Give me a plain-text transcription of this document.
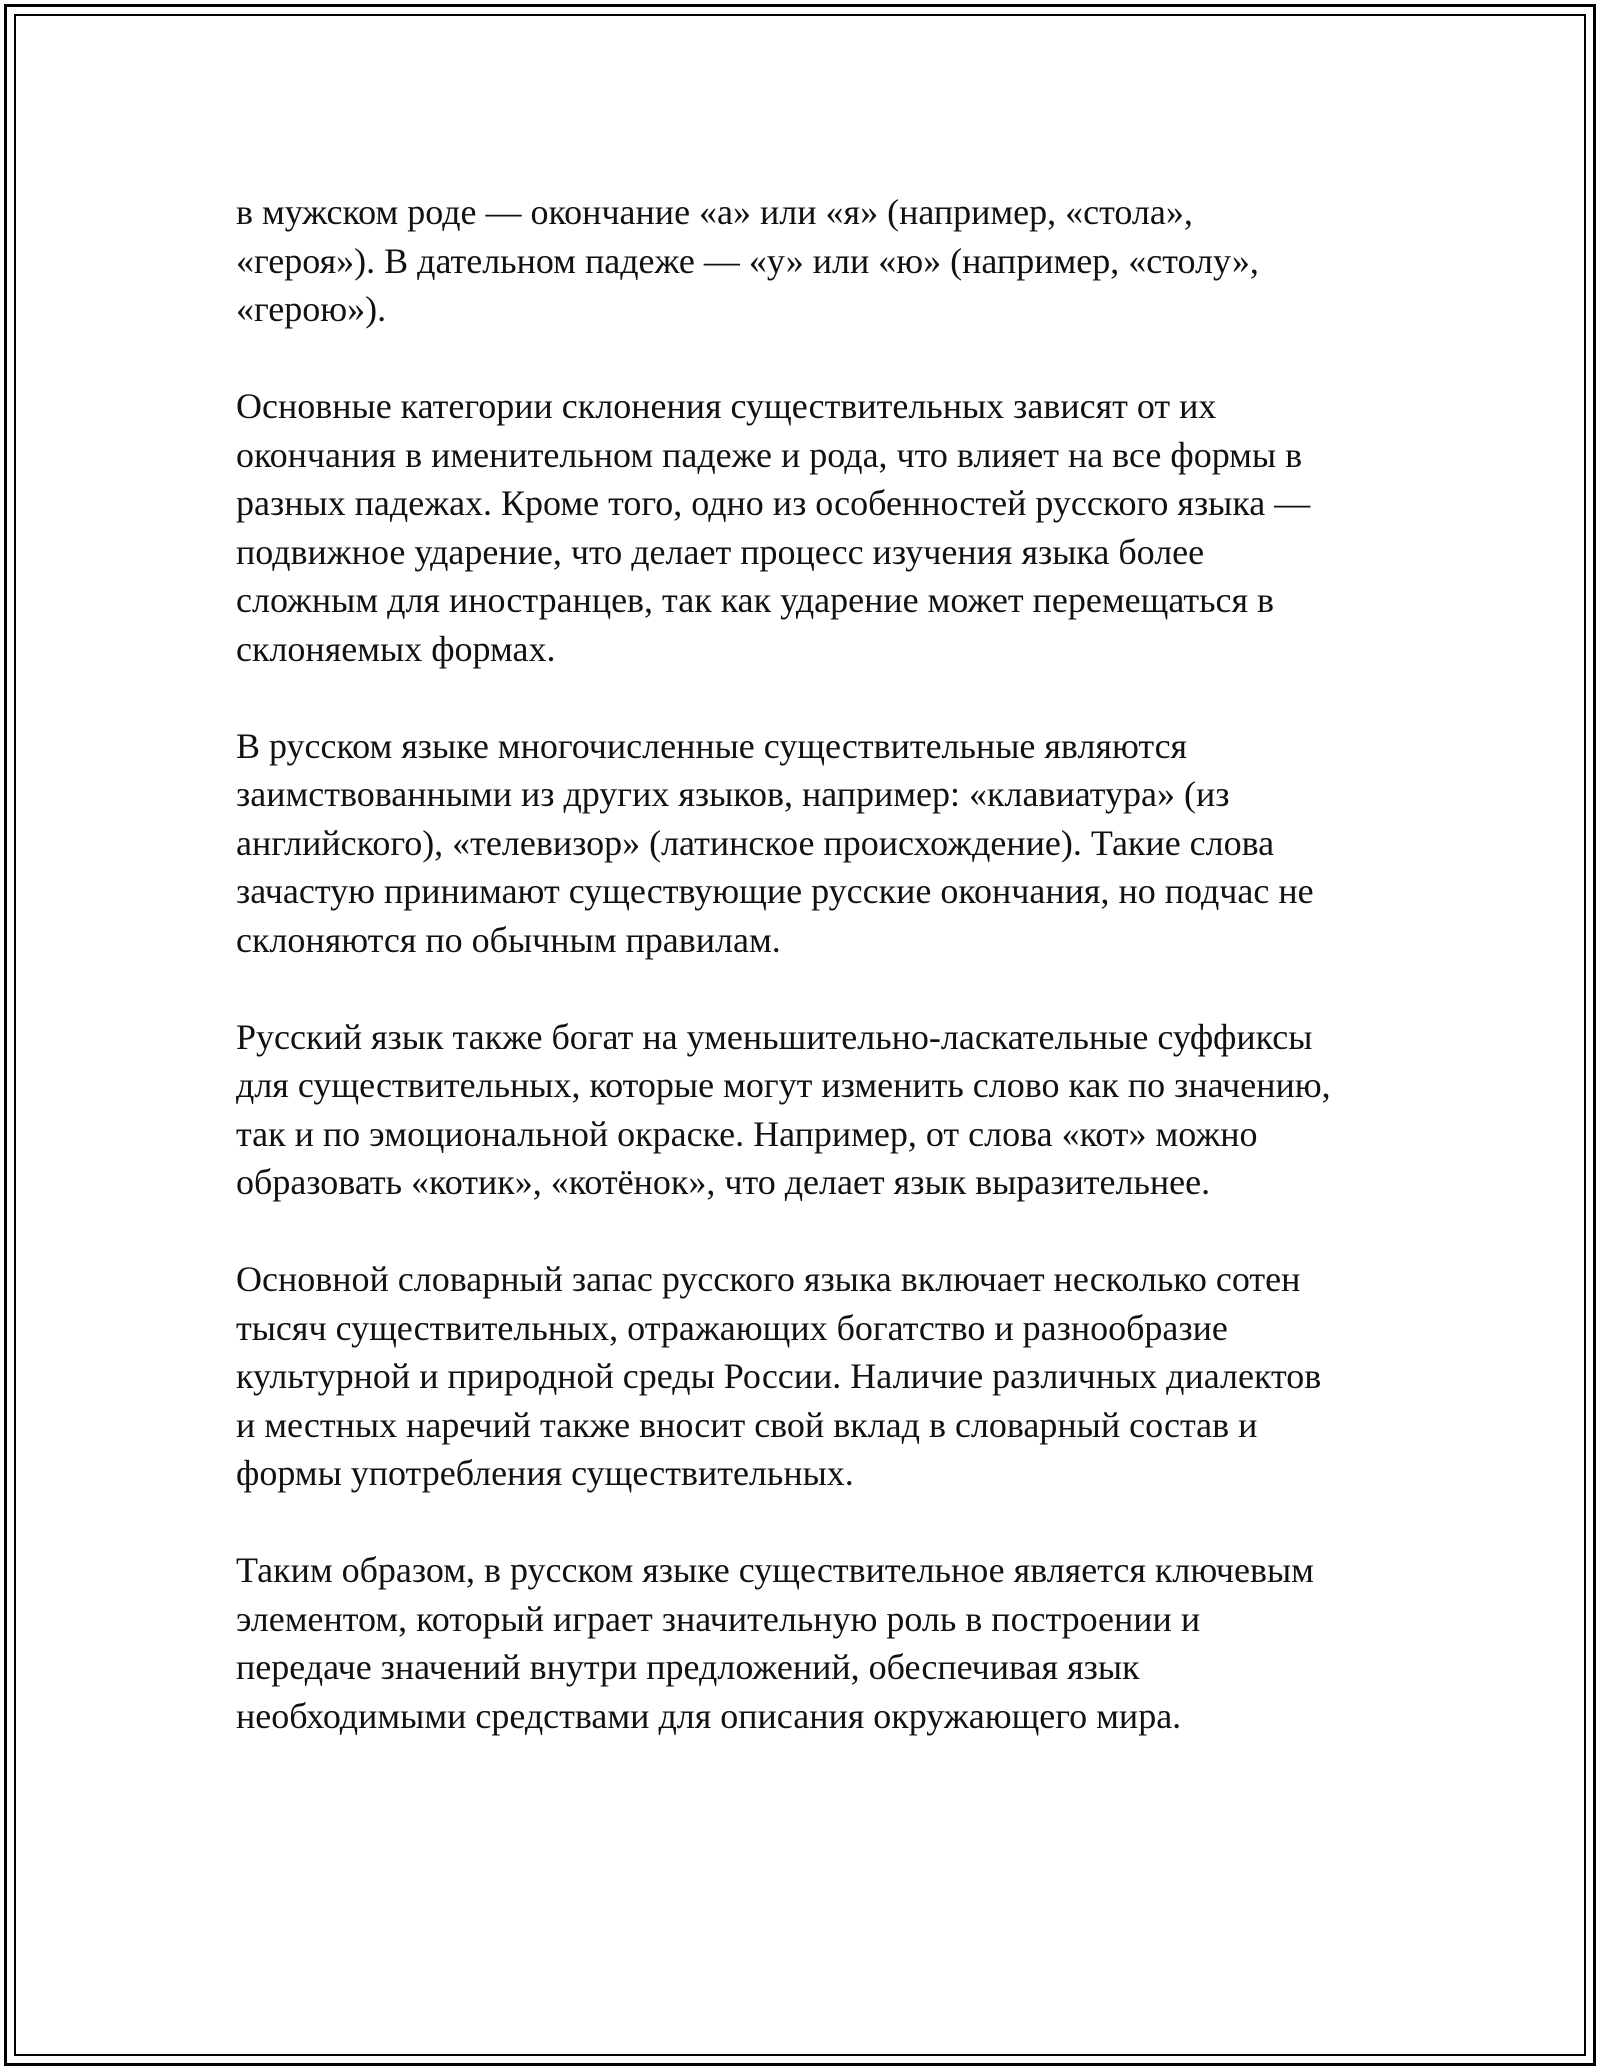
в мужском роде — окончание «а» или «я» (например, «стола»,
«героя»). В дательном падеже — «у» или «ю» (например, «столу»,
«герою»).

Основные категории склонения существительных зависят от их
окончания в именительном падеже и рода, что влияет на все формы в
разных падежах. Кроме того, одно из особенностей русского языка —
подвижное ударение, что делает процесс изучения языка более
сложным для иностранцев, так как ударение может перемещаться в
склоняемых формах.

В русском языке многочисленные существительные являются
заимствованными из других языков, например: «клавиатура» (из
английского), «телевизор» (латинское происхождение). Такие слова
зачастую принимают существующие русские окончания, но подчас не
склоняются по обычным правилам.

Русский язык также богат на уменьшительно-ласкательные суффиксы
для существительных, которые могут изменить слово как по значению,
так и по эмоциональной окраске. Например, от слова «кот» можно
образовать «котик», «котёнок», что делает язык выразительнее.

Основной словарный запас русского языка включает несколько сотен
тысяч существительных, отражающих богатство и разнообразие
культурной и природной среды России. Наличие различных диалектов
и местных наречий также вносит свой вклад в словарный состав и
формы употребления существительных.

Таким образом, в русском языке существительное является ключевым
элементом, который играет значительную роль в построении и
передаче значений внутри предложений, обеспечивая язык
необходимыми средствами для описания окружающего мира.
